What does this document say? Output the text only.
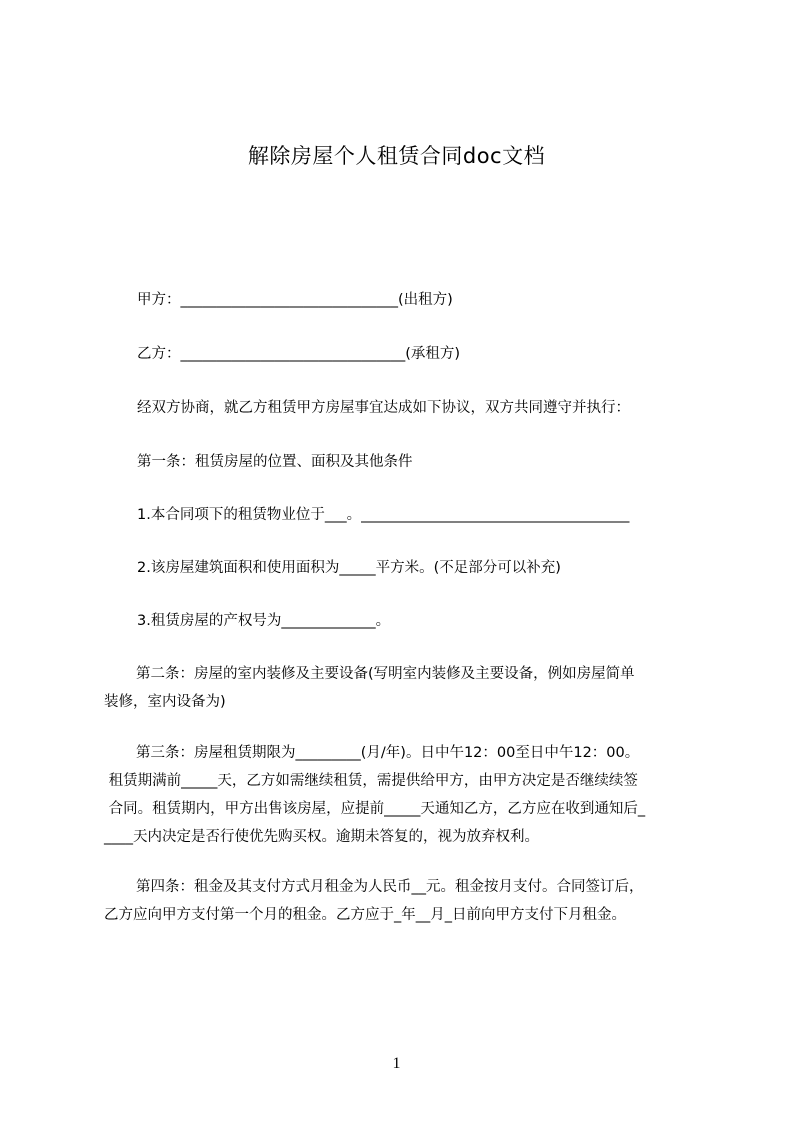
解除房屋个人租赁合同doc文档
甲方：______________________________(出租方)
乙方：_______________________________(承租方)
经双方协商，就乙方租赁甲方房屋事宜达成如下协议，双方共同遵守并执行：
第一条：租赁房屋的位置、面积及其他条件
1.本合同项下的租赁物业位于___。_____________________________________
2.该房屋建筑面积和使用面积为_____平方米。(不足部分可以补充)
3.租赁房屋的产权号为_____________。
第二条：房屋的室内装修及主要设备(写明室内装修及主要设备，例如房屋简单
装修，室内设备为)
第三条：房屋租赁期限为_________(月/年)。日中午12：00至日中午12：00。
租赁期满前_____天，乙方如需继续租赁，需提供给甲方，由甲方决定是否继续续签
合同。租赁期内，甲方出售该房屋，应提前_____天通知乙方，乙方应在收到通知后_
____天内决定是否行使优先购买权。逾期未答复的，视为放弃权利。
第四条：租金及其支付方式月租金为人民币__元。租金按月支付。合同签订后，
乙方应向甲方支付第一个月的租金。乙方应于_年__月_日前向甲方支付下月租金。
1
